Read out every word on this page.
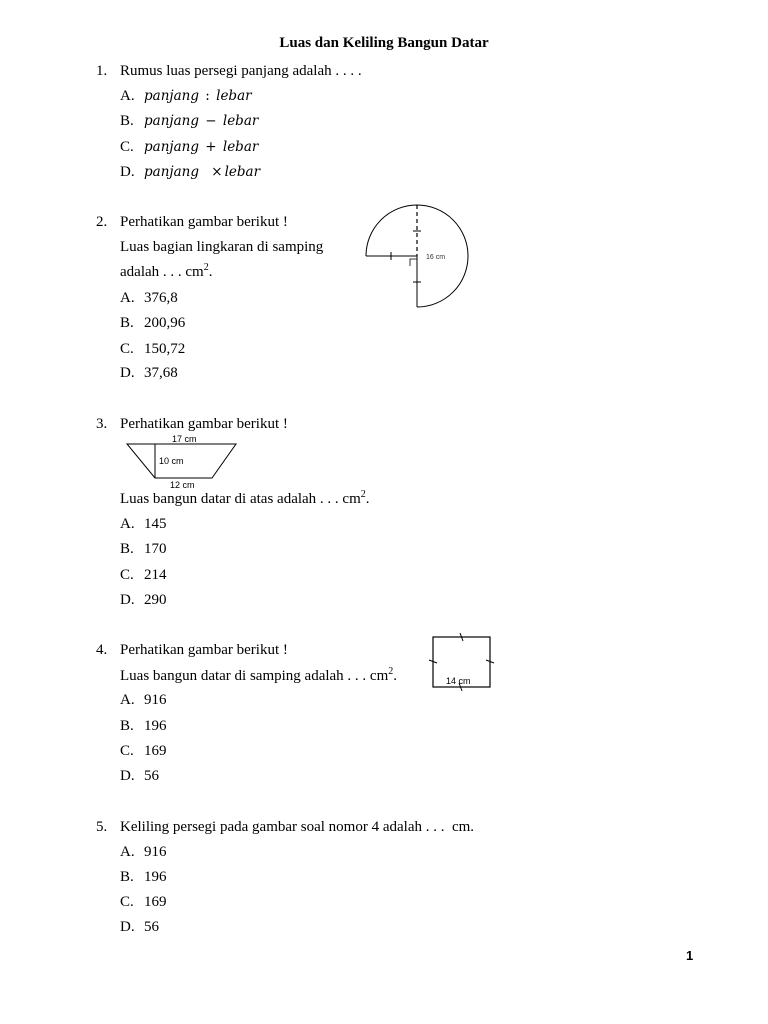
Luas dan Keliling Bangun Datar
1. Rumus luas persegi panjang adalah . . . .
A. panjang : lebar
B. panjang − lebar
C. panjang + lebar
D. panjang × lebar
2. Perhatikan gambar berikut !
Luas bagian lingkaran di samping
adalah . . . $cm^2$.
16 cm
A. 376,8
B. 200,96
C. 150,72
D. 37,68
3. Perhatikan gambar berikut !
17 cm
10 cm
12 cm
Luas bangun datar di atas adalah . . . $cm^2$.
A. 145
B. 170
C. 214
D. 290
4. Perhatikan gambar berikut !
Luas bangun datar di samping adalah . . . $cm^2$.	14 cm
A. 916
B. 196
C. 169
D. 56
5. Keliling persegi pada gambar soal nomor 4 adalah . . .  cm.
A. 916
B. 196
C. 169
D. 56
1
